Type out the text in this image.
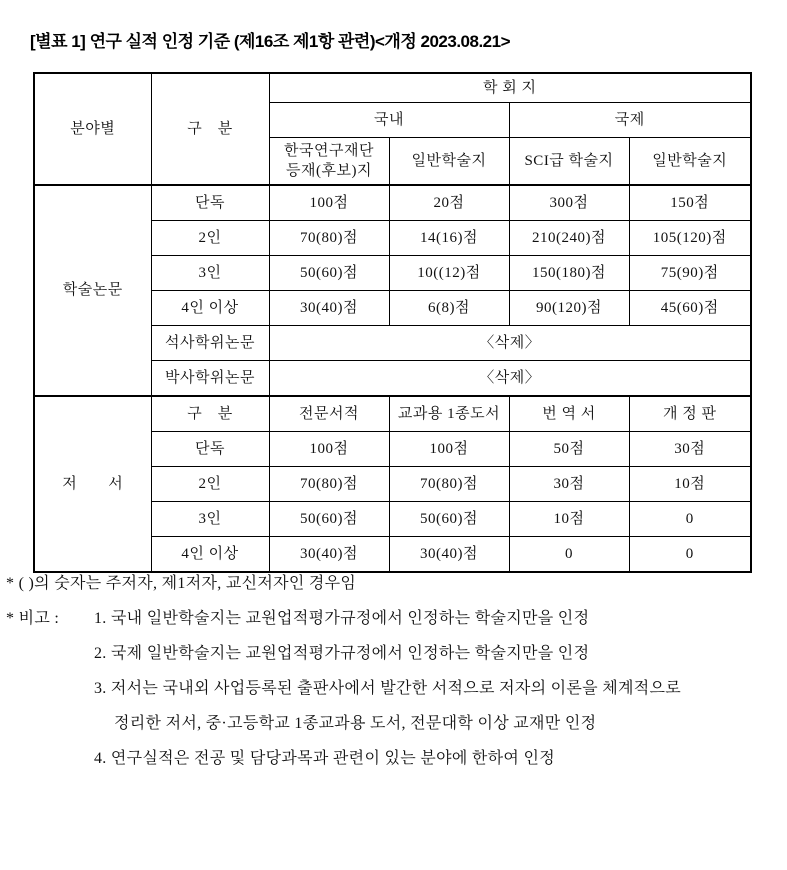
[별표 1] 연구 실적 인정 기준 (제16조 제1항 관련)<개정 2023.08.21>
분야별	구　분	학 회 지			
		국내		국제	
		한국연구재단 등재(후보)지	일반학술지	SCI급 학술지	일반학술지
학술논문	단독	100점	20점	300점	150점
	2인	70(80)점	14(16)점	210(240)점	105(120)점
	3인	50(60)점	10((12)점	150(180)점	75(90)점
	4인 이상	30(40)점	6(8)점	90(120)점	45(60)점
	석사학위논문	〈삭제〉			
	박사학위논문	〈삭제〉			
저　　서	구　분	전문서적	교과용 1종도서	번 역 서	개 정 판
	단독	100점	100점	50점	30점
	2인	70(80)점	70(80)점	30점	10점
	3인	50(60)점	50(60)점	10점	0
	4인 이상	30(40)점	30(40)점	0	0
* ( )의 숫자는 주저자, 제1저자, 교신저자인 경우임
* 비고 :	1. 국내 일반학술지는 교원업적평가규정에서 인정하는 학술지만을 인정
2. 국제 일반학술지는 교원업적평가규정에서 인정하는 학술지만을 인정
3. 저서는 국내외 사업등록된 출판사에서 발간한 서적으로 저자의 이론을 체계적으로
정리한 저서, 중·고등학교 1종교과용 도서, 전문대학 이상 교재만 인정
4. 연구실적은 전공 및 담당과목과 관련이 있는 분야에 한하여 인정
